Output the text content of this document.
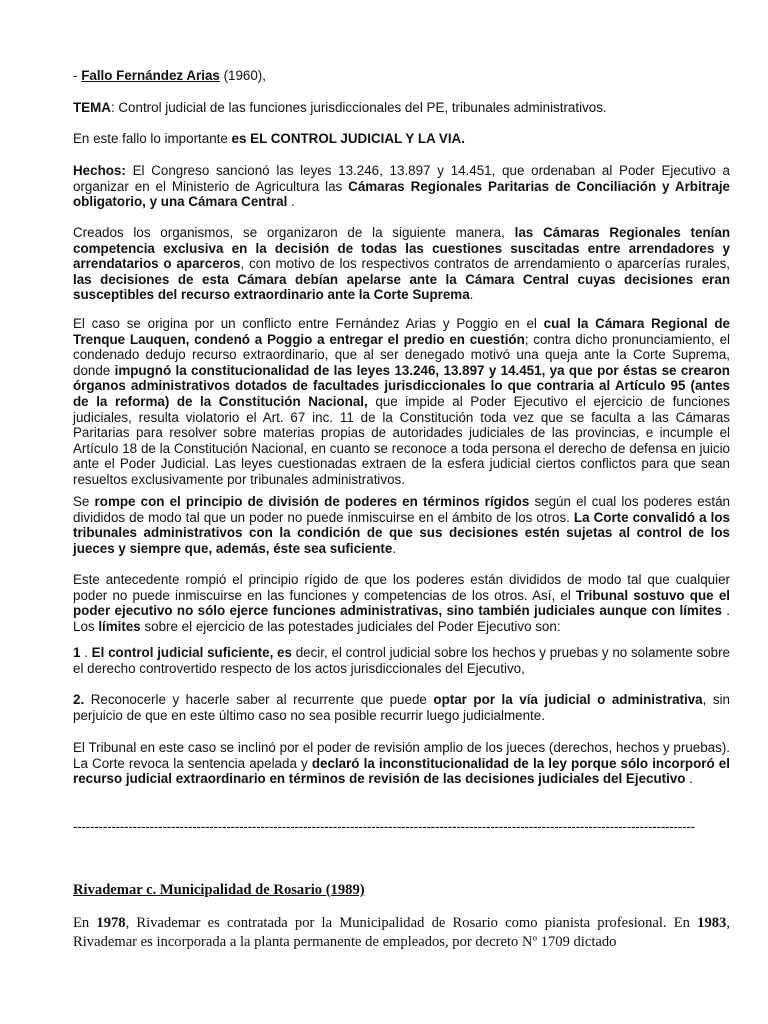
- Fallo Fernández Arias (1960),

TEMA: Control judicial de las funciones jurisdiccionales del PE, tribunales administrativos.

En este fallo lo importante es EL CONTROL JUDICIAL Y LA VIA.

Hechos: El Congreso sancionó las leyes 13.246, 13.897 y 14.451, que ordenaban al Poder Ejecutivo a organizar en el Ministerio de Agricultura las Cámaras Regionales Paritarias de Conciliación y Arbitraje obligatorio, y una Cámara Central .

Creados los organismos, se organizaron de la siguiente manera, las Cámaras Regionales tenían competencia exclusiva en la decisión de todas las cuestiones suscitadas entre arrendadores y arrendatarios o aparceros, con motivo de los respectivos contratos de arrendamiento o aparcerías rurales, las decisiones de esta Cámara debían apelarse ante la Cámara Central cuyas decisiones eran susceptibles del recurso extraordinario ante la Corte Suprema.

El caso se origina por un conflicto entre Fernández Arias y Poggio en el cual la Cámara Regional de Trenque Lauquen, condenó a Poggio a entregar el predio en cuestión; contra dicho pronunciamiento, el condenado dedujo recurso extraordinario, que al ser denegado motivó una queja ante la Corte Suprema, donde impugnó la constitucionalidad de las leyes 13.246, 13.897 y 14.451, ya que por éstas se crearon órganos administrativos dotados de facultades jurisdiccionales lo que contraria al Artículo 95 (antes de la reforma) de la Constitución Nacional, que impide al Poder Ejecutivo el ejercicio de funciones judiciales, resulta violatorio el Art. 67 inc. 11 de la Constitución toda vez que se faculta a las Cámaras Paritarias para resolver sobre materias propias de autoridades judiciales de las provincias, e incumple el Artículo 18 de la Constitución Nacional, en cuanto se reconoce a toda persona el derecho de defensa en juicio ante el Poder Judicial. Las leyes cuestionadas extraen de la esfera judicial ciertos conflictos para que sean resueltos exclusivamente por tribunales administrativos.

Se rompe con el principio de división de poderes en términos rígidos según el cual los poderes están divididos de modo tal que un poder no puede inmiscuirse en el ámbito de los otros. La Corte convalidó a los tribunales administrativos con la condición de que sus decisiones estén sujetas al control de los jueces y siempre que, además, éste sea suficiente.

Este antecedente rompió el principio rígido de que los poderes están divididos de modo tal que cualquier poder no puede inmiscuirse en las funciones y competencias de los otros. Así, el Tribunal sostuvo que el poder ejecutivo no sólo ejerce funciones administrativas, sino también judiciales aunque con límites . Los límites sobre el ejercicio de las potestades judiciales del Poder Ejecutivo son:

1 . El control judicial suficiente, es decir, el control judicial sobre los hechos y pruebas y no solamente sobre el derecho controvertido respecto de los actos jurisdiccionales del Ejecutivo,

2. Reconocerle y hacerle saber al recurrente que puede optar por la vía judicial o administrativa, sin perjuicio de que en este último caso no sea posible recurrir luego judicialmente.

El Tribunal en este caso se inclinó por el poder de revisión amplio de los jueces (derechos, hechos y pruebas). La Corte revoca la sentencia apelada y declaró la inconstitucionalidad de la ley porque sólo incorporó el recurso judicial extraordinario en términos de revisión de las decisiones judiciales del Ejecutivo .

--------------------------------------------------------------------------------------------------------------------------------------------------

Rivademar c. Municipalidad de Rosario (1989)

En 1978, Rivademar es contratada por la Municipalidad de Rosario como pianista profesional. En 1983, Rivademar es incorporada a la planta permanente de empleados, por decreto Nº 1709 dictado
